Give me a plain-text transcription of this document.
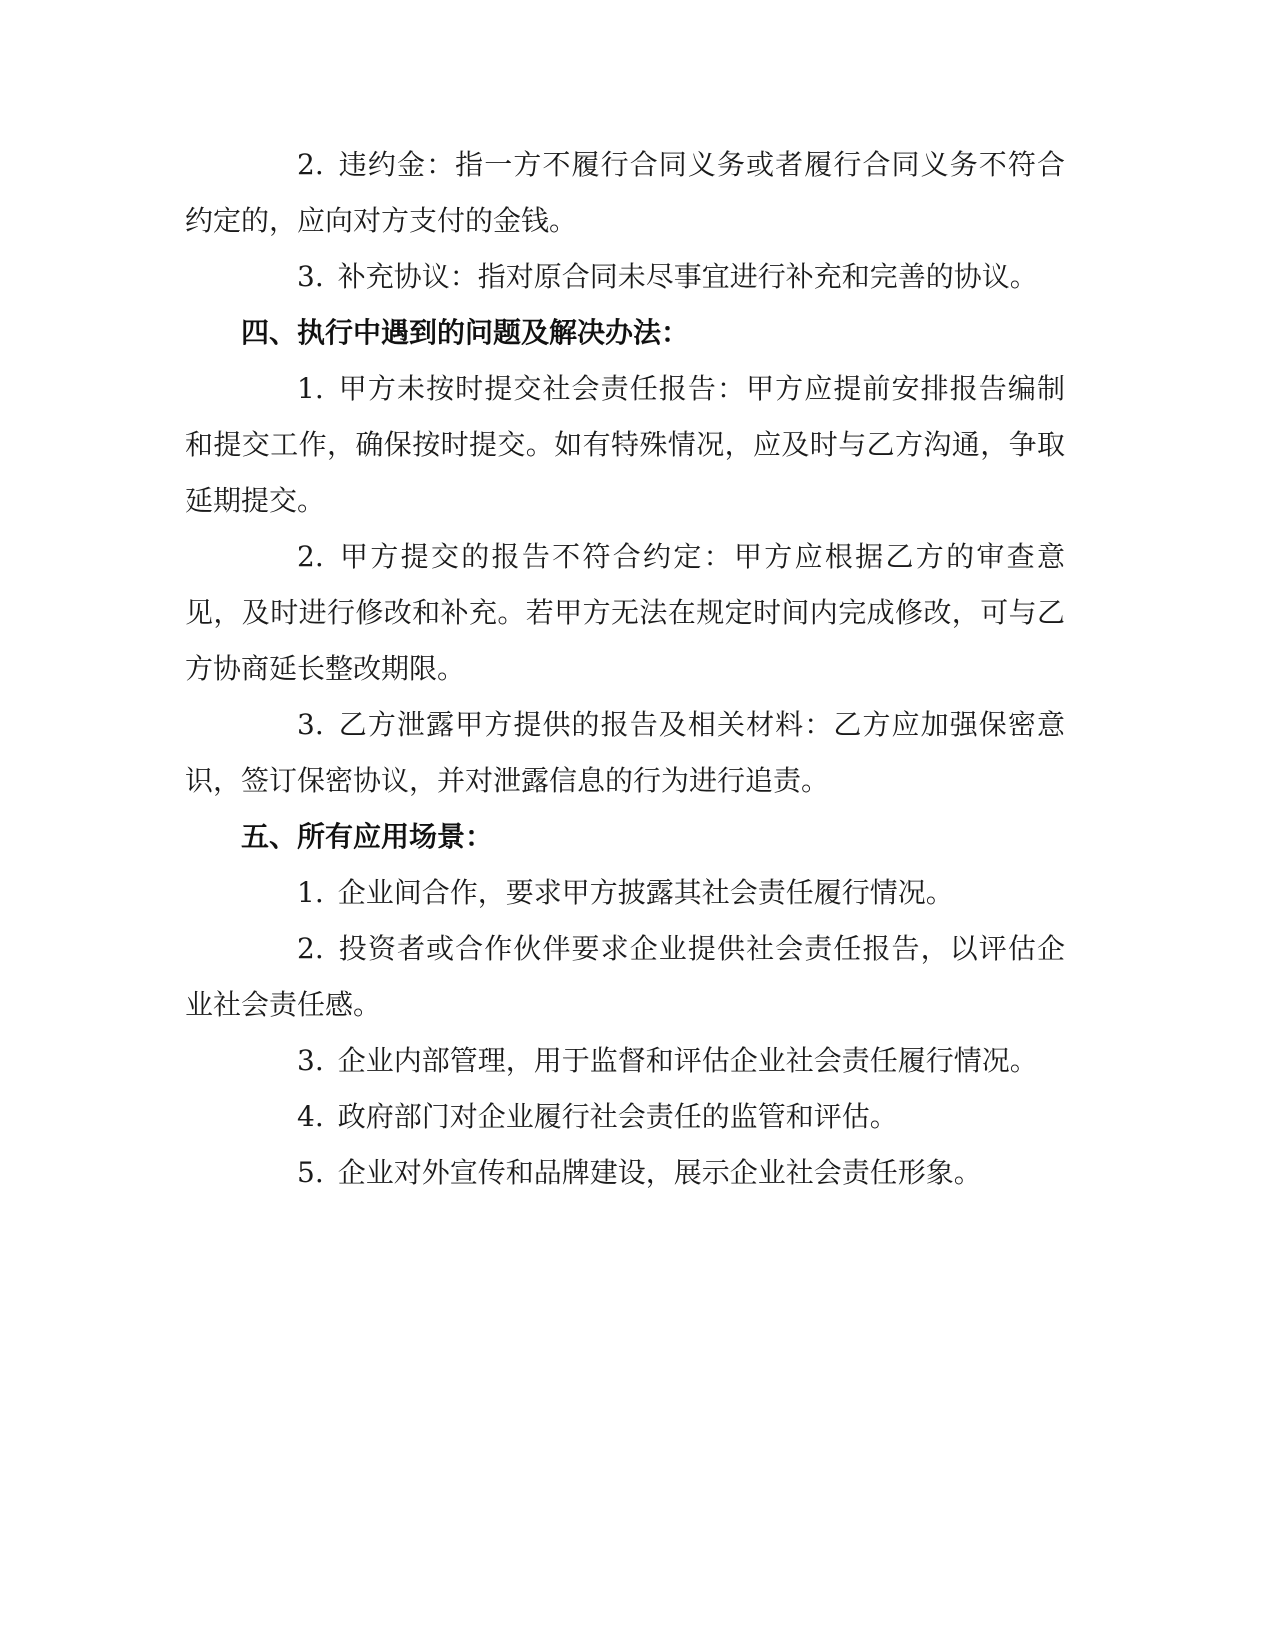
2. 违约金：指一方不履行合同义务或者履行合同义务不符合约定的，应向对方支付的金钱。

3. 补充协议：指对原合同未尽事宜进行补充和完善的协议。

四、执行中遇到的问题及解决办法：

1. 甲方未按时提交社会责任报告：甲方应提前安排报告编制和提交工作，确保按时提交。如有特殊情况，应及时与乙方沟通，争取延期提交。

2. 甲方提交的报告不符合约定：甲方应根据乙方的审查意见，及时进行修改和补充。若甲方无法在规定时间内完成修改，可与乙方协商延长整改期限。

3. 乙方泄露甲方提供的报告及相关材料：乙方应加强保密意识，签订保密协议，并对泄露信息的行为进行追责。

五、所有应用场景：

1. 企业间合作，要求甲方披露其社会责任履行情况。

2. 投资者或合作伙伴要求企业提供社会责任报告，以评估企业社会责任感。

3. 企业内部管理，用于监督和评估企业社会责任履行情况。

4. 政府部门对企业履行社会责任的监管和评估。

5. 企业对外宣传和品牌建设，展示企业社会责任形象。
